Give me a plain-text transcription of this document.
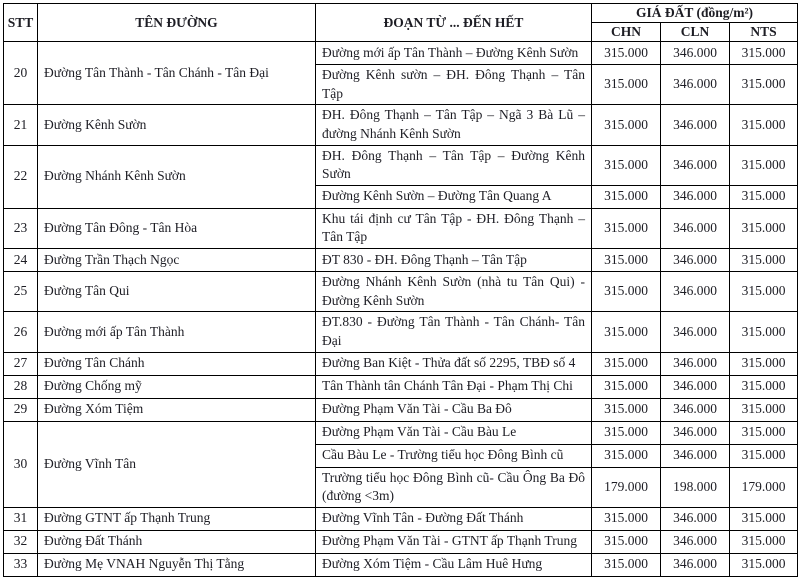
STT	TÊN ĐƯỜNG	ĐOẠN TỪ ... ĐẾN HẾT	GIÁ ĐẤT (đồng/m²)		
			CHN	CLN	NTS
20	Đường Tân Thành - Tân Chánh - Tân Đại	Đường mới ấp Tân Thành – Đường Kênh Sườn	315.000	346.000	315.000
		Đường Kênh sườn – ĐH. Đông Thạnh – Tân Tập	315.000	346.000	315.000
21	Đường Kênh Sườn	ĐH. Đông Thạnh – Tân Tập – Ngã 3 Bà Lũ – đường Nhánh Kênh Sườn	315.000	346.000	315.000
22	Đường Nhánh Kênh Sườn	ĐH. Đông Thạnh – Tân Tập – Đường Kênh Sườn	315.000	346.000	315.000
		Đường Kênh Sườn – Đường Tân Quang A	315.000	346.000	315.000
23	Đường Tân Đông - Tân Hòa	Khu tái định cư Tân Tập - ĐH. Đông Thạnh – Tân Tập	315.000	346.000	315.000
24	Đường Trần Thạch Ngọc	ĐT 830 - ĐH. Đông Thạnh – Tân Tập	315.000	346.000	315.000
25	Đường Tân Qui	Đường Nhánh Kênh Sườn (nhà tu Tân Qui) - Đường Kênh Sườn	315.000	346.000	315.000
26	Đường mới ấp Tân Thành	ĐT.830 - Đường Tân Thành - Tân Chánh- Tân Đại	315.000	346.000	315.000
27	Đường Tân Chánh	Đường Ban Kiệt - Thửa đất số 2295, TBĐ số 4	315.000	346.000	315.000
28	Đường Chống mỹ	Tân Thành tân Chánh Tân Đại - Phạm Thị Chi	315.000	346.000	315.000
29	Đường Xóm Tiệm	Đường Phạm Văn Tài - Cầu Ba Đô	315.000	346.000	315.000
30	Đường Vĩnh Tân	Đường Phạm Văn Tài - Cầu Bàu Le	315.000	346.000	315.000
		Cầu Bàu Le - Trường tiểu học Đông Bình cũ	315.000	346.000	315.000
		Trường tiểu học Đông Bình cũ- Cầu Ông Ba Đô (đường <3m)	179.000	198.000	179.000
31	Đường GTNT ấp Thạnh Trung	Đường Vĩnh Tân - Đường Đất Thánh	315.000	346.000	315.000
32	Đường Đất Thánh	Đường Phạm Văn Tài - GTNT ấp Thạnh Trung	315.000	346.000	315.000
33	Đường Mẹ VNAH Nguyễn Thị Tằng	Đường Xóm Tiệm - Cầu Lâm Huê Hưng	315.000	346.000	315.000
